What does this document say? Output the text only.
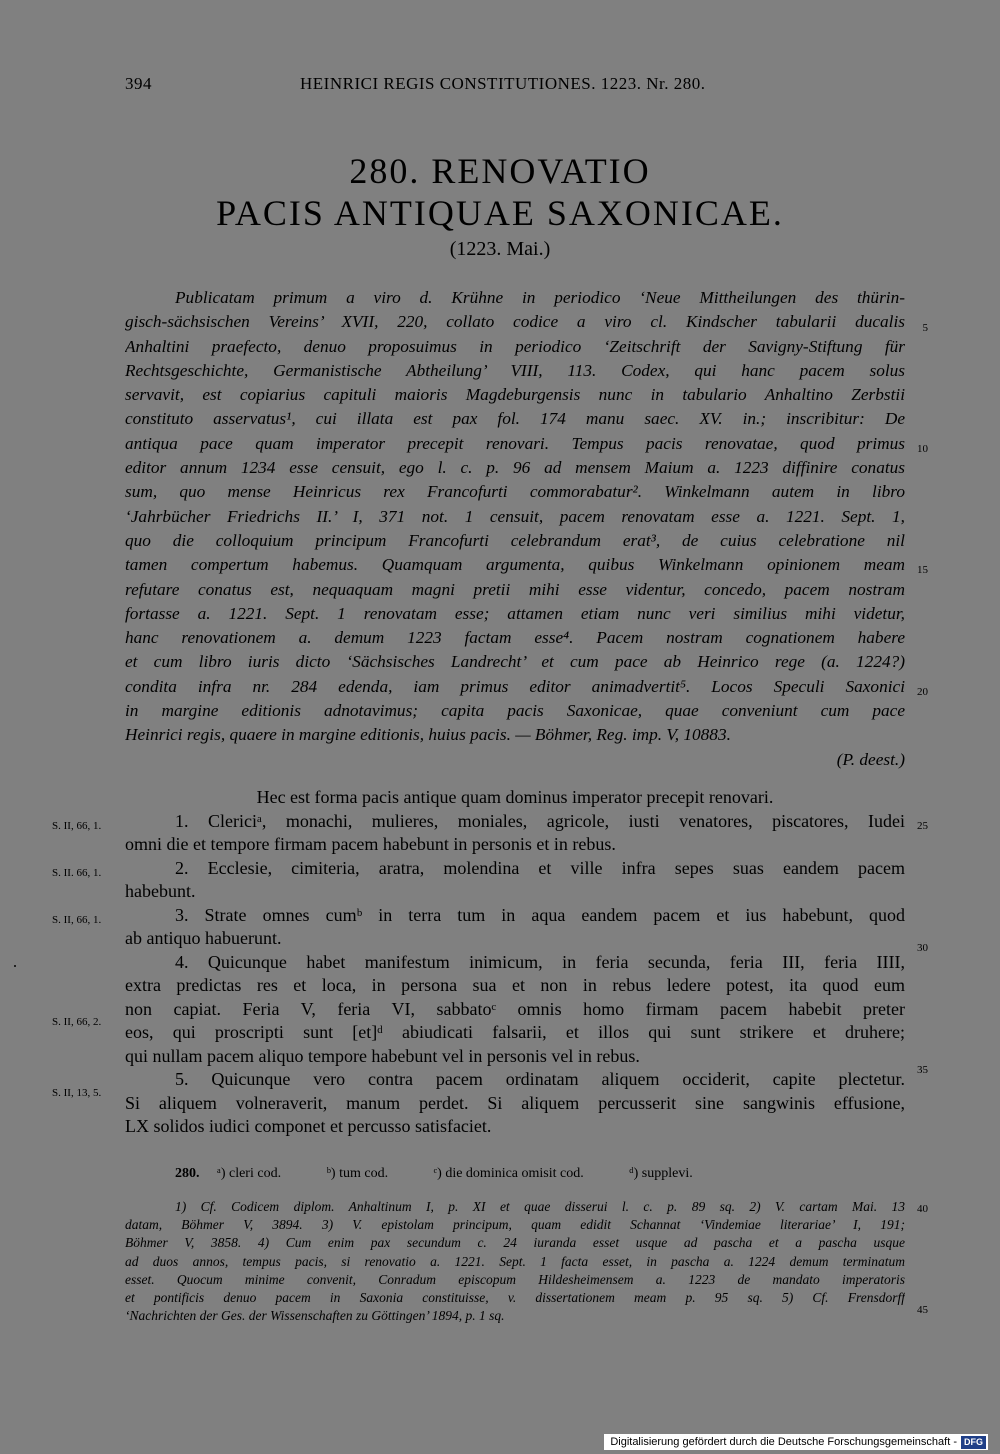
394	HEINRICI REGIS CONSTITUTIONES. 1223. Nr. 280.
280. RENOVATIO
PACIS ANTIQUAE SAXONICAE.
(1223. Mai.)
Publicatam primum a viro d. Krühne in periodico ‘Neue Mittheilungen des thürin-
gisch-sächsischen Vereins’ XVII, 220, collato codice a viro cl. Kindscher tabularii ducalis
Anhaltini praefecto, denuo proposuimus in periodico ‘Zeitschrift der Savigny-Stiftung für
Rechtsgeschichte, Germanistische Abtheilung’ VIII, 113. Codex, qui hanc pacem solus
servavit, est copiarius capituli maioris Magdeburgensis nunc in tabulario Anhaltino Zerbstii
constituto asservatus¹, cui illata est pax fol. 174 manu saec. XV. in.; inscribitur: De
antiqua pace quam imperator precepit renovari. Tempus pacis renovatae, quod primus
editor annum 1234 esse censuit, ego l. c. p. 96 ad mensem Maium a. 1223 diffinire conatus
sum, quo mense Heinricus rex Francofurti commorabatur². Winkelmann autem in libro
‘Jahrbücher Friedrichs II.’ I, 371 not. 1 censuit, pacem renovatam esse a. 1221. Sept. 1,
quo die colloquium principum Francofurti celebrandum erat³, de cuius celebratione nil
tamen compertum habemus. Quamquam argumenta, quibus Winkelmann opinionem meam
refutare conatus est, nequaquam magni pretii mihi esse videntur, concedo, pacem nostram
fortasse a. 1221. Sept. 1 renovatam esse; attamen etiam nunc veri similius mihi videtur,
hanc renovationem a. demum 1223 factam esse⁴. Pacem nostram cognationem habere
et cum libro iuris dicto ‘Sächsisches Landrecht’ et cum pace ab Heinrico rege (a. 1224?)
condita infra nr. 284 edenda, iam primus editor animadvertit⁵. Locos Speculi Saxonici
in margine editionis adnotavimus; capita pacis Saxonicae, quae conveniunt cum pace
Heinrici regis, quaere in margine editionis, huius pacis. — Böhmer, Reg. imp. V, 10883.
(P. deest.)
Hec est forma pacis antique quam dominus imperator precepit renovari.
1. Clericiᵃ, monachi, mulieres, moniales, agricole, iusti venatores, piscatores, Iudei
omni die et tempore firmam pacem habebunt in personis et in rebus.
2. Ecclesie, cimiteria, aratra, molendina et ville infra sepes suas eandem pacem
habebunt.
3. Strate omnes cumᵇ in terra tum in aqua eandem pacem et ius habebunt, quod
ab antiquo habuerunt.
4. Quicunque habet manifestum inimicum, in feria secunda, feria III, feria IIII,
extra predictas res et loca, in persona sua et non in rebus ledere potest, ita quod eum
non capiat. Feria V, feria VI, sabbatoᶜ omnis homo firmam pacem habebit preter
eos, qui proscripti sunt [et]ᵈ abiudicati falsarii, et illos qui sunt strikere et druhere;
qui nullam pacem aliquo tempore habebunt vel in personis vel in rebus.
5. Quicunque vero contra pacem ordinatam aliquem occiderit, capite plectetur.
Si aliquem volneraverit, manum perdet. Si aliquem percusserit sine sangwinis effusione,
LX solidos iudici componet et percusso satisfaciet.
S. II, 66, 1.
S. II. 66, 1.
S. II, 66, 1.
S. II, 66, 2.
S. II, 13, 5.
5
10
15
20
25
30
35
40
45
280. ᵃ) cleri cod.	ᵇ) tum cod.	ᶜ) die dominica omisit cod.	ᵈ) supplevi.
1) Cf. Codicem diplom. Anhaltinum I, p. XI et quae disserui l. c. p. 89 sq. 2) V. cartam Mai. 13
datam, Böhmer V, 3894. 3) V. epistolam principum, quam edidit Schannat ‘Vindemiae literariae’ I, 191;
Böhmer V, 3858. 4) Cum enim pax secundum c. 24 iuranda esset usque ad pascha et a pascha usque
ad duos annos, tempus pacis, si renovatio a. 1221. Sept. 1 facta esset, in pascha a. 1224 demum terminatum
esset. Quocum minime convenit, Conradum episcopum Hildesheimensem a. 1223 de mandato imperatoris
et pontificis denuo pacem in Saxonia constituisse, v. dissertationem meam p. 95 sq. 5) Cf. Frensdorff
‘Nachrichten der Ges. der Wissenschaften zu Göttingen’ 1894, p. 1 sq.
Digitalisierung gefördert durch die Deutsche Forschungsgemeinschaft - DFG
